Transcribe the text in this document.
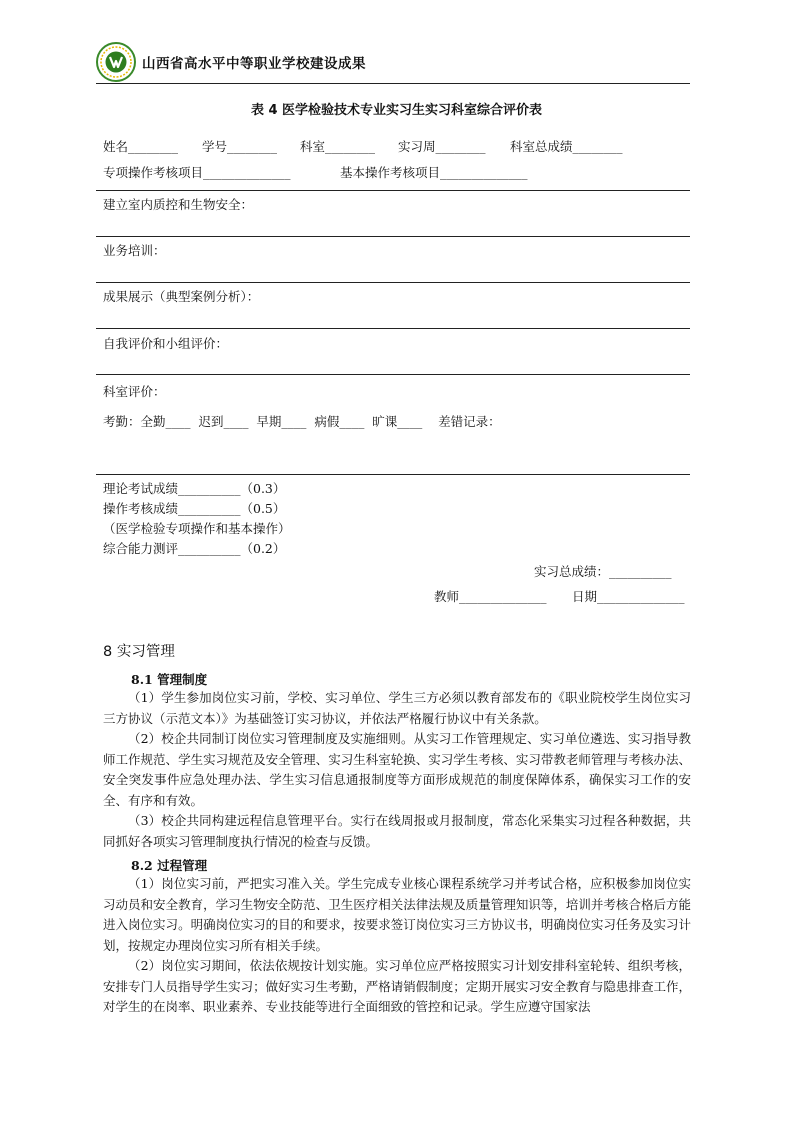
山西省高水平中等职业学校建设成果
表 4 医学检验技术专业实习生实习科室综合评价表
姓名________ 学号________ 科室________ 实习周________ 科室总成绩________
专项操作考核项目______________	基本操作考核项目______________
建立室内质控和生物安全：
业务培训：
成果展示（典型案例分析）：
自我评价和小组评价：
科室评价：
考勤：全勤____  迟到____  早期____  病假____  旷课____    差错记录：
理论考试成绩__________（0.3）
操作考核成绩__________（0.5）
（医学检验专项操作和基本操作）
综合能力测评__________（0.2）
实习总成绩：__________
教师______________ 日期______________
8 实习管理
8.1 管理制度
（1）学生参加岗位实习前，学校、实习单位、学生三方必须以教育部发布的《职业院校学生岗位实习三方协议（示范文本）》为基础签订实习协议，并依法严格履行协议中有关条款。
（2）校企共同制订岗位实习管理制度及实施细则。从实习工作管理规定、实习单位遴选、实习指导教师工作规范、学生实习规范及安全管理、实习生科室轮换、实习学生考核、实习带教老师管理与考核办法、安全突发事件应急处理办法、学生实习信息通报制度等方面形成规范的制度保障体系，确保实习工作的安全、有序和有效。
（3）校企共同构建远程信息管理平台。实行在线周报或月报制度，常态化采集实习过程各种数据，共同抓好各项实习管理制度执行情况的检查与反馈。
8.2 过程管理
（1）岗位实习前，严把实习准入关。学生完成专业核心课程系统学习并考试合格，应积极参加岗位实习动员和安全教育，学习生物安全防范、卫生医疗相关法律法规及质量管理知识等，培训并考核合格后方能进入岗位实习。明确岗位实习的目的和要求，按要求签订岗位实习三方协议书，明确岗位实习任务及实习计划，按规定办理岗位实习所有相关手续。
（2）岗位实习期间，依法依规按计划实施。实习单位应严格按照实习计划安排科室轮转、组织考核，安排专门人员指导学生实习；做好实习生考勤，严格请销假制度；定期开展实习安全教育与隐患排查工作，对学生的在岗率、职业素养、专业技能等进行全面细致的管控和记录。学生应遵守国家法
